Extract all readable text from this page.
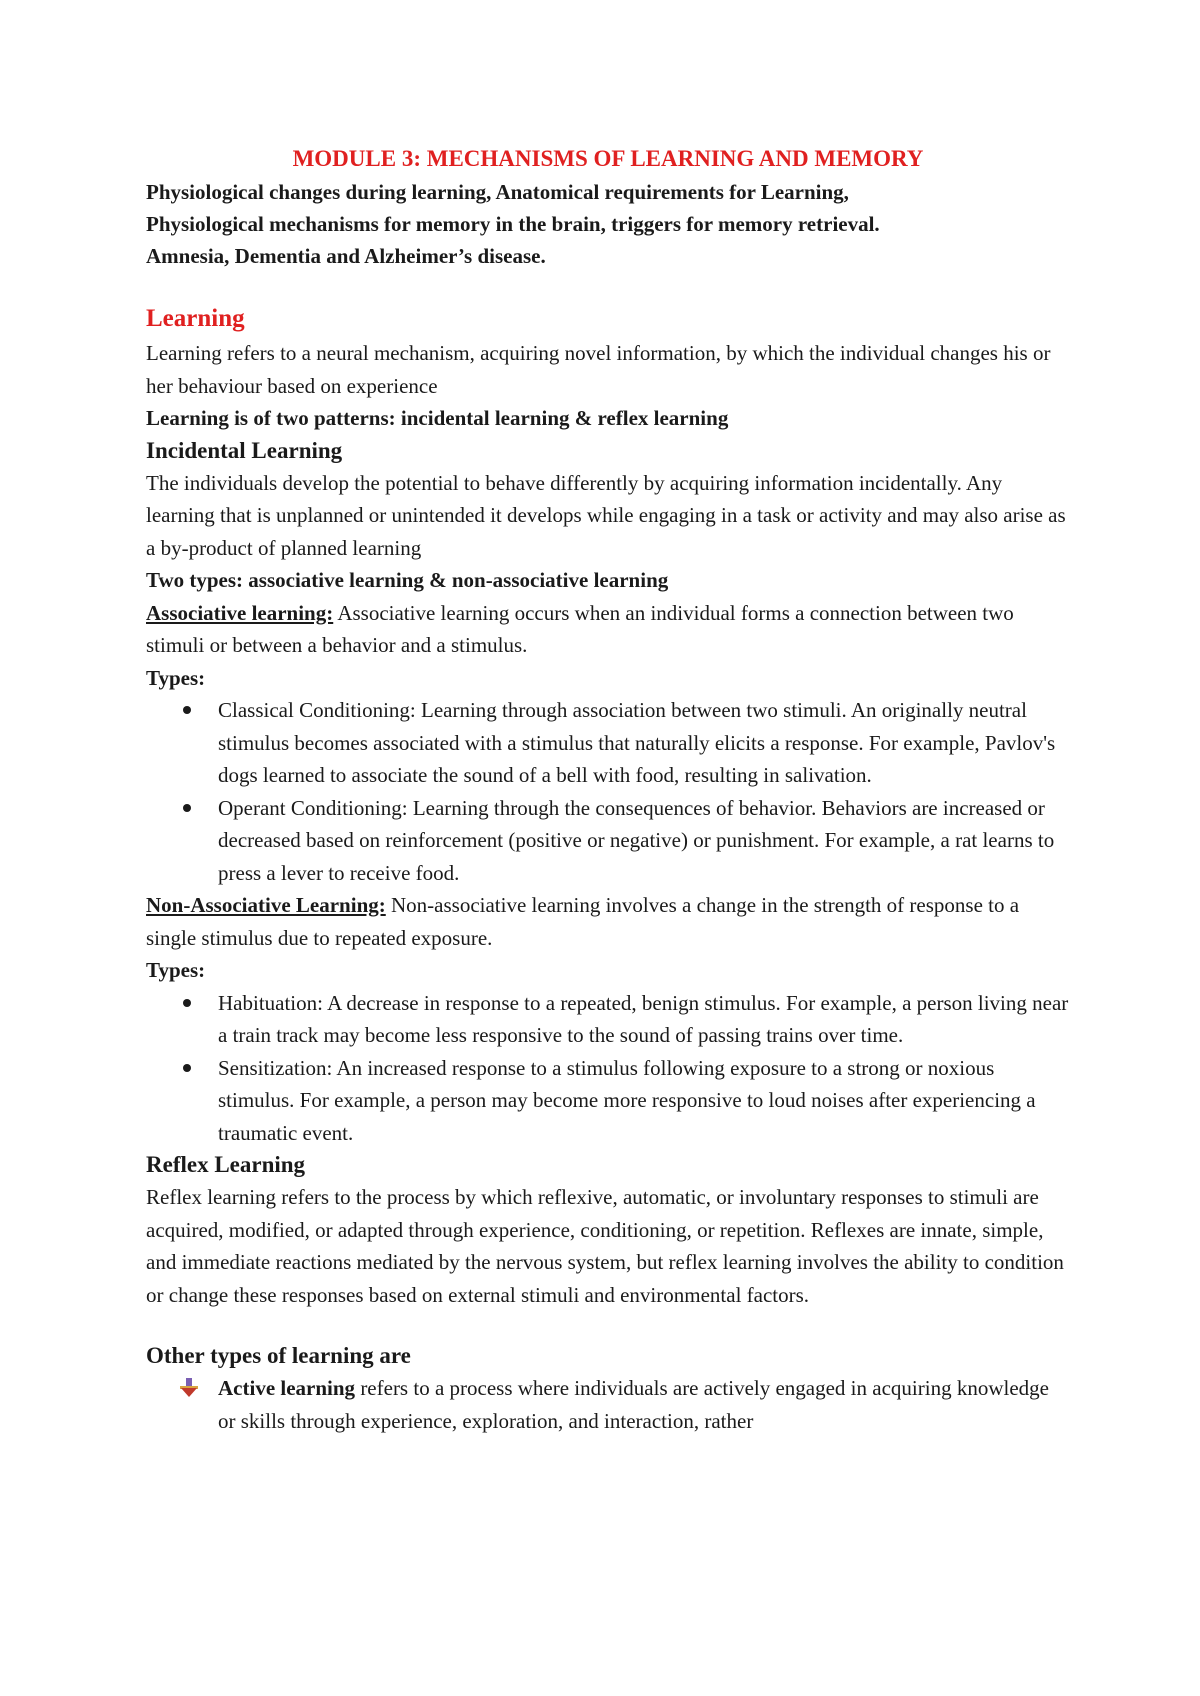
MODULE 3: MECHANISMS OF LEARNING AND MEMORY

Physiological changes during learning, Anatomical requirements for Learning,

Physiological mechanisms for memory in the brain, triggers for memory retrieval.

Amnesia, Dementia and Alzheimer’s disease.

Learning

Learning refers to a neural mechanism, acquiring novel information, by which the individual changes his or her behaviour based on experience

Learning is of two patterns: incidental learning & reflex learning

Incidental Learning

The individuals develop the potential to behave differently by acquiring information incidentally. Any learning that is unplanned or unintended it develops while engaging in a task or activity and may also arise as a by-product of planned learning

Two types: associative learning & non-associative learning

Associative learning: Associative learning occurs when an individual forms a connection between two stimuli or between a behavior and a stimulus.

Types:

Classical Conditioning: Learning through association between two stimuli. An originally neutral stimulus becomes associated with a stimulus that naturally elicits a response. For example, Pavlov's dogs learned to associate the sound of a bell with food, resulting in salivation.
Operant Conditioning: Learning through the consequences of behavior. Behaviors are increased or decreased based on reinforcement (positive or negative) or punishment. For example, a rat learns to press a lever to receive food.

Non-Associative Learning: Non-associative learning involves a change in the strength of response to a single stimulus due to repeated exposure.

Types:

Habituation: A decrease in response to a repeated, benign stimulus. For example, a person living near a train track may become less responsive to the sound of passing trains over time.
Sensitization: An increased response to a stimulus following exposure to a strong or noxious stimulus. For example, a person may become more responsive to loud noises after experiencing a traumatic event.
Reflex Learning

Reflex learning refers to the process by which reflexive, automatic, or involuntary responses to stimuli are acquired, modified, or adapted through experience, conditioning, or repetition. Reflexes are innate, simple, and immediate reactions mediated by the nervous system, but reflex learning involves the ability to condition or change these responses based on external stimuli and environmental factors.

Other types of learning are
Active learning refers to a process where individuals are actively engaged in acquiring knowledge or skills through experience, exploration, and interaction, rather
